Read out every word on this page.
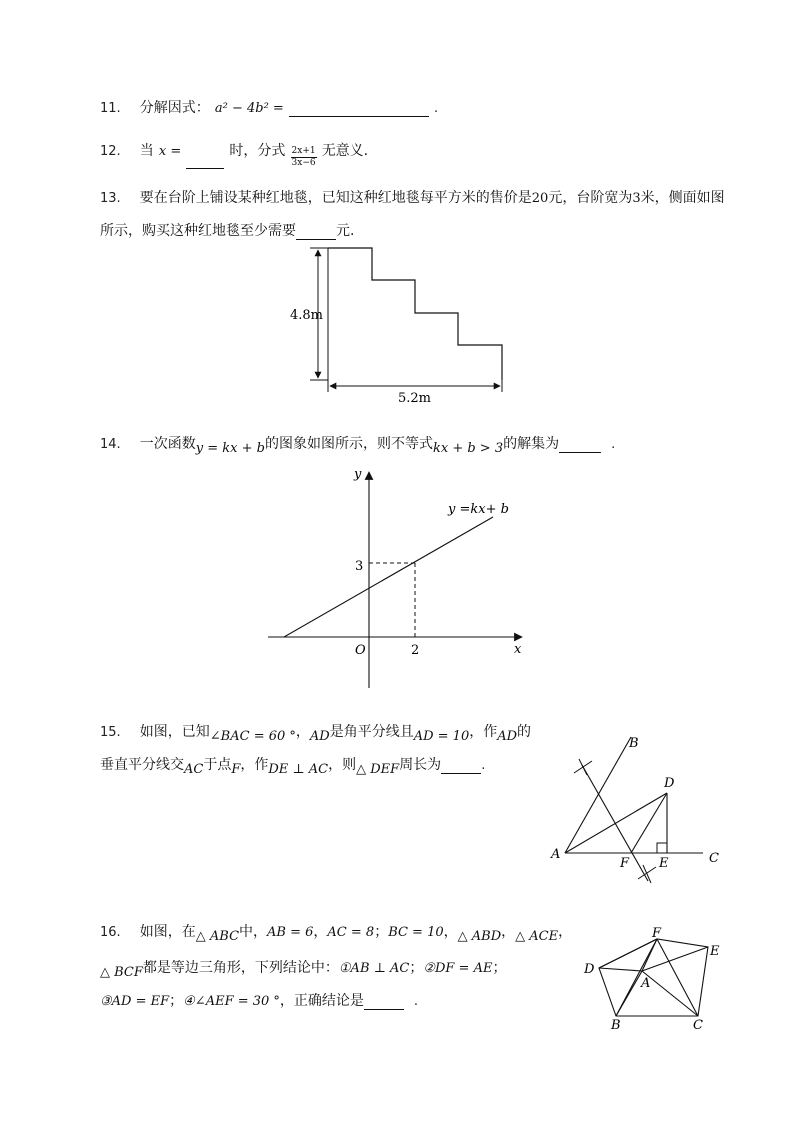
11. 分解因式： a² − 4b² =	.
12. 当 x =	时，分式 $\frac{2x+1}{3x-6}$ 无意义.
13. 要在台阶上铺设某种红地毯，已知这种红地毯每平方米的售价是20元，台阶宽为3米，侧面如图
所示，购买这种红地毯至少需要	元.
4.8m
5.2m
14. 一次函数$_{y = kx + b}$的图象如图所示，则不等式$_{kx + b > 3}$的解集为	.
y
x
O	2
3
y =kx+ b
15. 如图，已知$_{\angle BAC = 60 ^\circ}$，$_{AD}$是角平分线且$_{AD = 10}$，作$_{AD}$的
垂直平分线交$_{AC}$于点$_F$，作$_{DE \perp AC}$，则$_{\triangle DEF}$周长为	.
A
B
C
D
E
F
16. 如图，在$_{\triangle ABC}$中，AB = 6，AC = 8；BC = 10，$_{\triangle ABD}$，$_{\triangle ACE}$，
$_{\triangle BCF}$都是等边三角形，下列结论中：①AB ⊥ AC；②DF = AE；
③AD = EF；④∠AEF = 30 °，正确结论是	.
A
B	C
D
E
F
